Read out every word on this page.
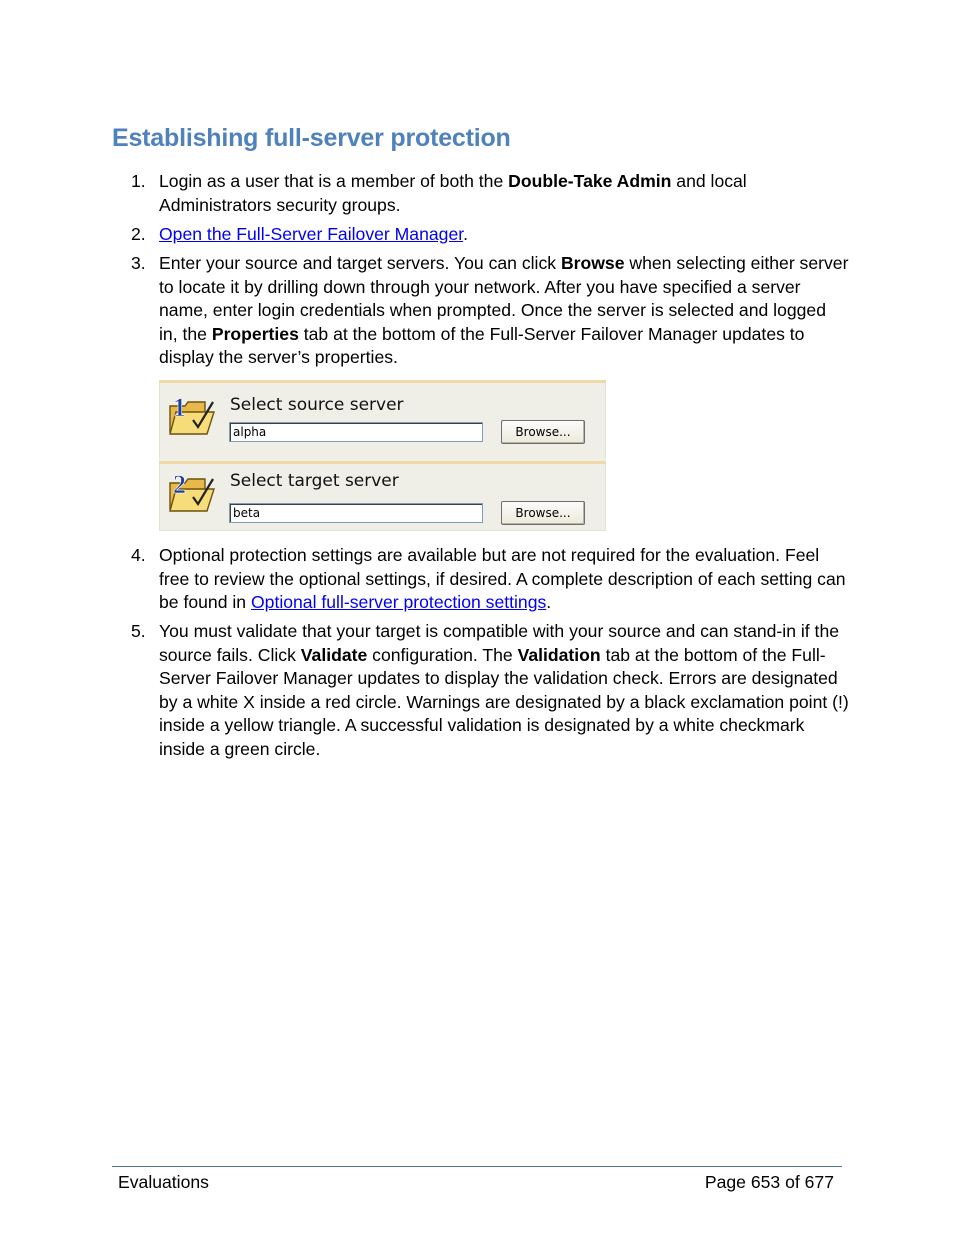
Establishing full-server protection
1. Login as a user that is a member of both the Double-Take Admin and local Administrators security groups.
2. Open the Full-Server Failover Manager.
3. Enter your source and target servers. You can click Browse when selecting either server to locate it by drilling down through your network. After you have specified a server name, enter login credentials when prompted. Once the server is selected and logged in, the Properties tab at the bottom of the Full-Server Failover Manager updates to display the server’s properties.
4. Optional protection settings are available but are not required for the evaluation. Feel free to review the optional settings, if desired. A complete description of each setting can be found in Optional full-server protection settings.
5. You must validate that your target is compatible with your source and can stand-in if the source fails. Click Validate configuration. The Validation tab at the bottom of the Full-Server Failover Manager updates to display the validation check. Errors are designated by a white X inside a red circle. Warnings are designated by a black exclamation point (!) inside a yellow triangle. A successful validation is designated by a white checkmark inside a green circle.
1	Select source server
alpha	Browse...
2	Select target server
beta	Browse...
Evaluations	Page 653 of 677
